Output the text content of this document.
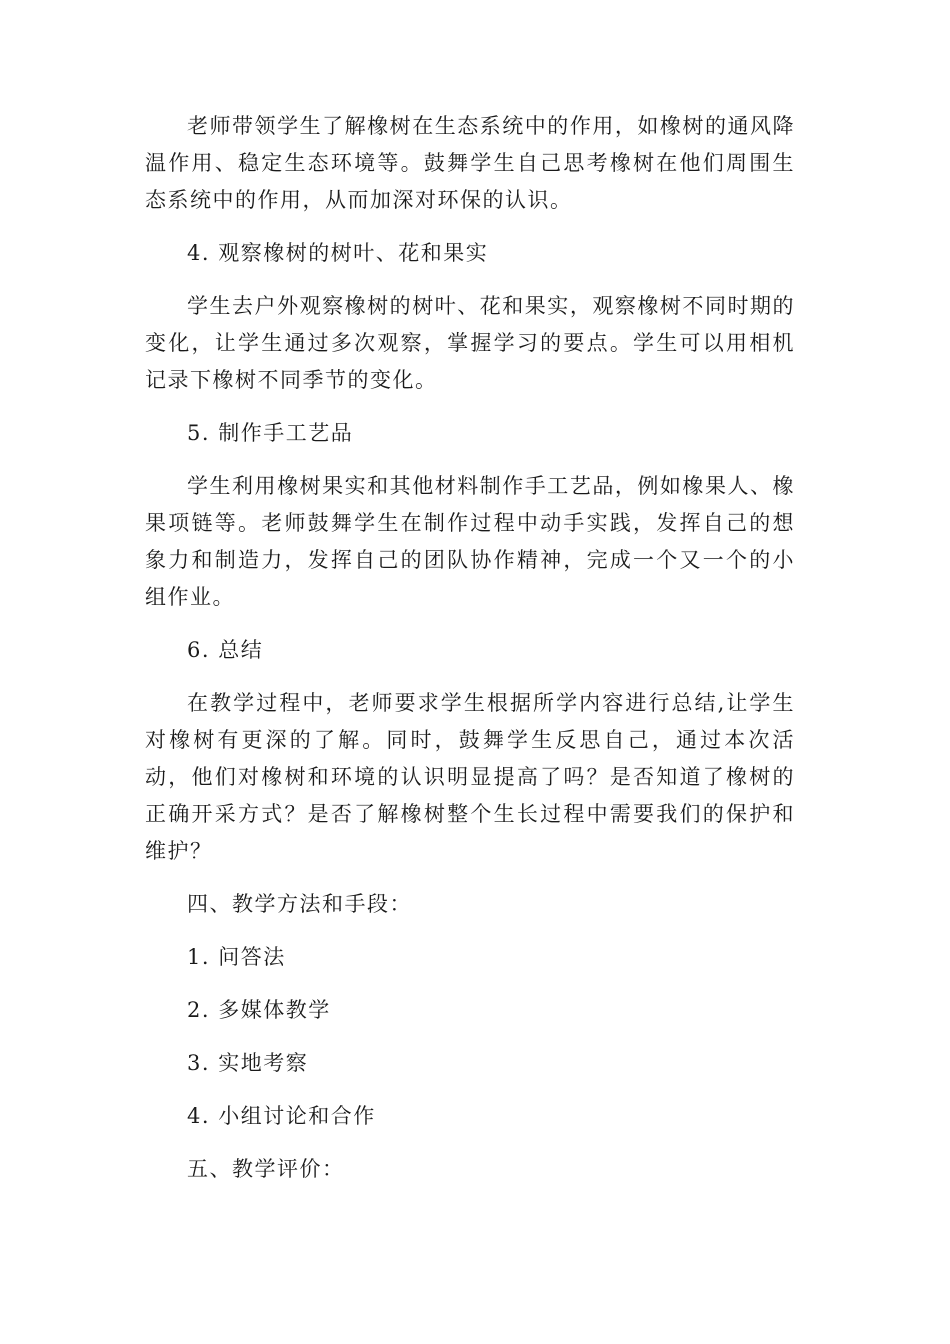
老师带领学生了解橡树在生态系统中的作用，如橡树的通风降温作用、稳定生态环境等。鼓舞学生自己思考橡树在他们周围生态系统中的作用，从而加深对环保的认识。

4. 观察橡树的树叶、花和果实

学生去户外观察橡树的树叶、花和果实，观察橡树不同时期的变化，让学生通过多次观察，掌握学习的要点。学生可以用相机记录下橡树不同季节的变化。

5. 制作手工艺品

学生利用橡树果实和其他材料制作手工艺品，例如橡果人、橡果项链等。老师鼓舞学生在制作过程中动手实践，发挥自己的想象力和制造力，发挥自己的团队协作精神，完成一个又一个的小组作业。

6. 总结

在教学过程中，老师要求学生根据所学内容进行总结,让学生对橡树有更深的了解。同时，鼓舞学生反思自己，通过本次活动，他们对橡树和环境的认识明显提高了吗？是否知道了橡树的正确开采方式？是否了解橡树整个生长过程中需要我们的保护和维护？

四、教学方法和手段：

1. 问答法

2. 多媒体教学

3. 实地考察

4. 小组讨论和合作

五、教学评价：
